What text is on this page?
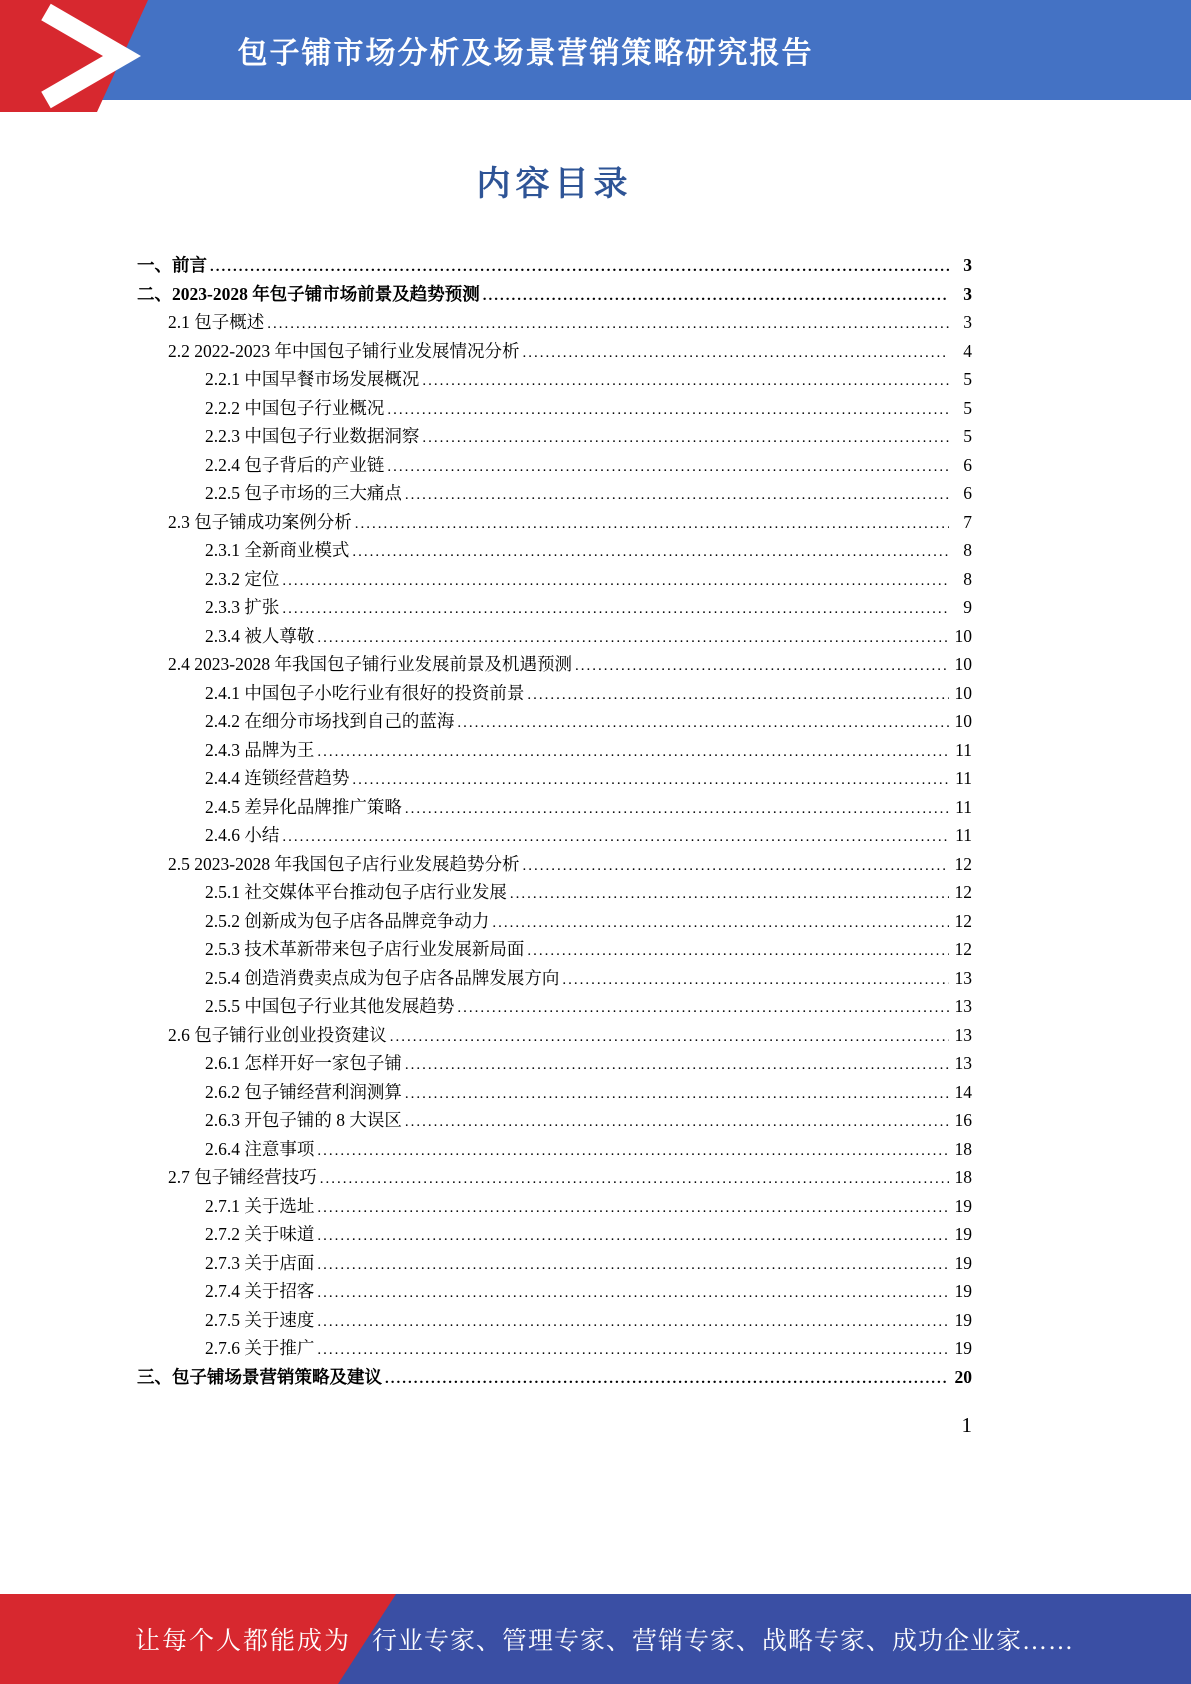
包子铺市场分析及场景营销策略研究报告
内容目录
一、前言 .....	3
二、2023-2028 年包子铺市场前景及趋势预测 .....	3
2.1 包子概述 .....	3
2.2 2022-2023 年中国包子铺行业发展情况分析 .....	4
2.2.1 中国早餐市场发展概况 .....	5
2.2.2 中国包子行业概况 .....	5
2.2.3 中国包子行业数据洞察 .....	5
2.2.4 包子背后的产业链 .....	6
2.2.5 包子市场的三大痛点 .....	6
2.3 包子铺成功案例分析 .....	7
2.3.1 全新商业模式 .....	8
2.3.2 定位 .....	8
2.3.3 扩张 .....	9
2.3.4 被人尊敬 .....	10
2.4 2023-2028 年我国包子铺行业发展前景及机遇预测 .....	10
2.4.1 中国包子小吃行业有很好的投资前景 .....	10
2.4.2 在细分市场找到自己的蓝海 .....	10
2.4.3 品牌为王 .....	11
2.4.4 连锁经营趋势 .....	11
2.4.5 差异化品牌推广策略 .....	11
2.4.6 小结 .....	11
2.5 2023-2028 年我国包子店行业发展趋势分析 .....	12
2.5.1 社交媒体平台推动包子店行业发展 .....	12
2.5.2 创新成为包子店各品牌竞争动力 .....	12
2.5.3 技术革新带来包子店行业发展新局面 .....	12
2.5.4 创造消费卖点成为包子店各品牌发展方向 .....	13
2.5.5 中国包子行业其他发展趋势 .....	13
2.6 包子铺行业创业投资建议 .....	13
2.6.1 怎样开好一家包子铺 .....	13
2.6.2 包子铺经营利润测算 .....	14
2.6.3 开包子铺的 8 大误区 .....	16
2.6.4 注意事项 .....	18
2.7 包子铺经营技巧 .....	18
2.7.1 关于选址 .....	19
2.7.2 关于味道 .....	19
2.7.3 关于店面 .....	19
2.7.4 关于招客 .....	19
2.7.5 关于速度 .....	19
2.7.6 关于推广 .....	19
三、包子铺场景营销策略及建议 .....	20
1
让每个人都能成为 行业专家、管理专家、营销专家、战略专家、成功企业家……
